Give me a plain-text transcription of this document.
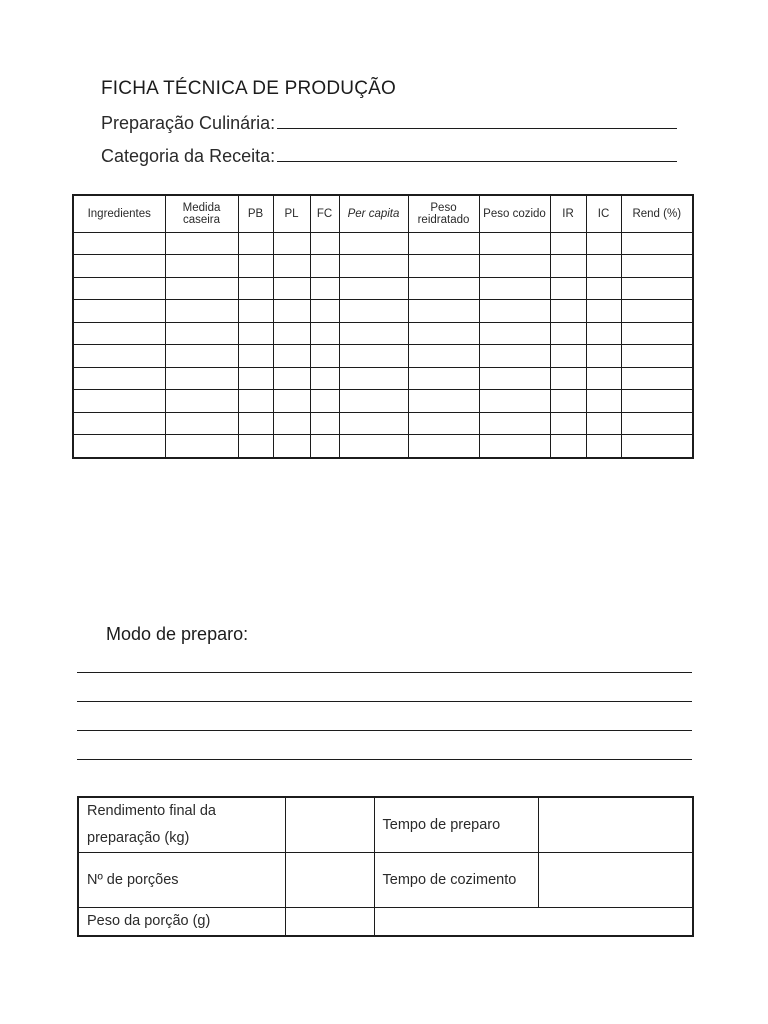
FICHA TÉCNICA DE PRODUÇÃO
Preparação Culinária:
Categoria da Receita:
Ingredientes	Medida caseira	PB	PL	FC	Per capita	Peso reidratado	Peso cozido	IR	IC	Rend (%)

Modo de preparo:
Rendimento final da preparação (kg)		Tempo de preparo	
Nº de porções		Tempo de cozimento	
Peso da porção (g)			
